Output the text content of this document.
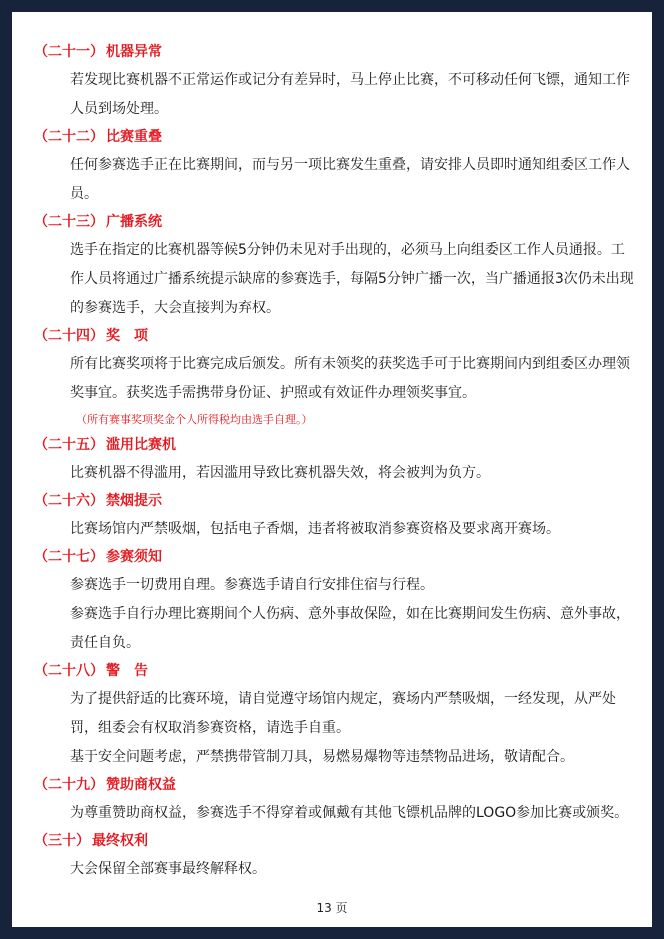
（二十一） 机器异常

若发现比赛机器不正常运作或记分有差异时，马上停止比赛，不可移动任何飞镖，通知工作人员到场处理。

（二十二） 比赛重叠

任何参赛选手正在比赛期间，而与另一项比赛发生重叠，请安排人员即时通知组委区工作人员。

（二十三） 广播系统

选手在指定的比赛机器等候5分钟仍未见对手出现的，必须马上向组委区工作人员通报。工作人员将通过广播系统提示缺席的参赛选手，每隔5分钟广播一次，当广播通报3次仍未出现的参赛选手，大会直接判为弃权。

（二十四） 奖　项

所有比赛奖项将于比赛完成后颁发。所有未领奖的获奖选手可于比赛期间内到组委区办理领奖事宜。获奖选手需携带身份证、护照或有效证件办理领奖事宜。

（所有赛事奖项奖金个人所得税均由选手自理。）

（二十五） 滥用比赛机

比赛机器不得滥用，若因滥用导致比赛机器失效，将会被判为负方。

（二十六） 禁烟提示

比赛场馆内严禁吸烟，包括电子香烟，违者将被取消参赛资格及要求离开赛场。

（二十七） 参赛须知

参赛选手一切费用自理。参赛选手请自行安排住宿与行程。

参赛选手自行办理比赛期间个人伤病、意外事故保险，如在比赛期间发生伤病、意外事故，责任自负。

（二十八） 警　告

为了提供舒适的比赛环境，请自觉遵守场馆内规定，赛场内严禁吸烟，一经发现，从严处罚，组委会有权取消参赛资格，请选手自重。

基于安全问题考虑，严禁携带管制刀具，易燃易爆物等违禁物品进场，敬请配合。

（二十九） 赞助商权益

为尊重赞助商权益，参赛选手不得穿着或佩戴有其他飞镖机品牌的LOGO参加比赛或颁奖。

（三十） 最终权利

大会保留全部赛事最终解释权。

13 页
